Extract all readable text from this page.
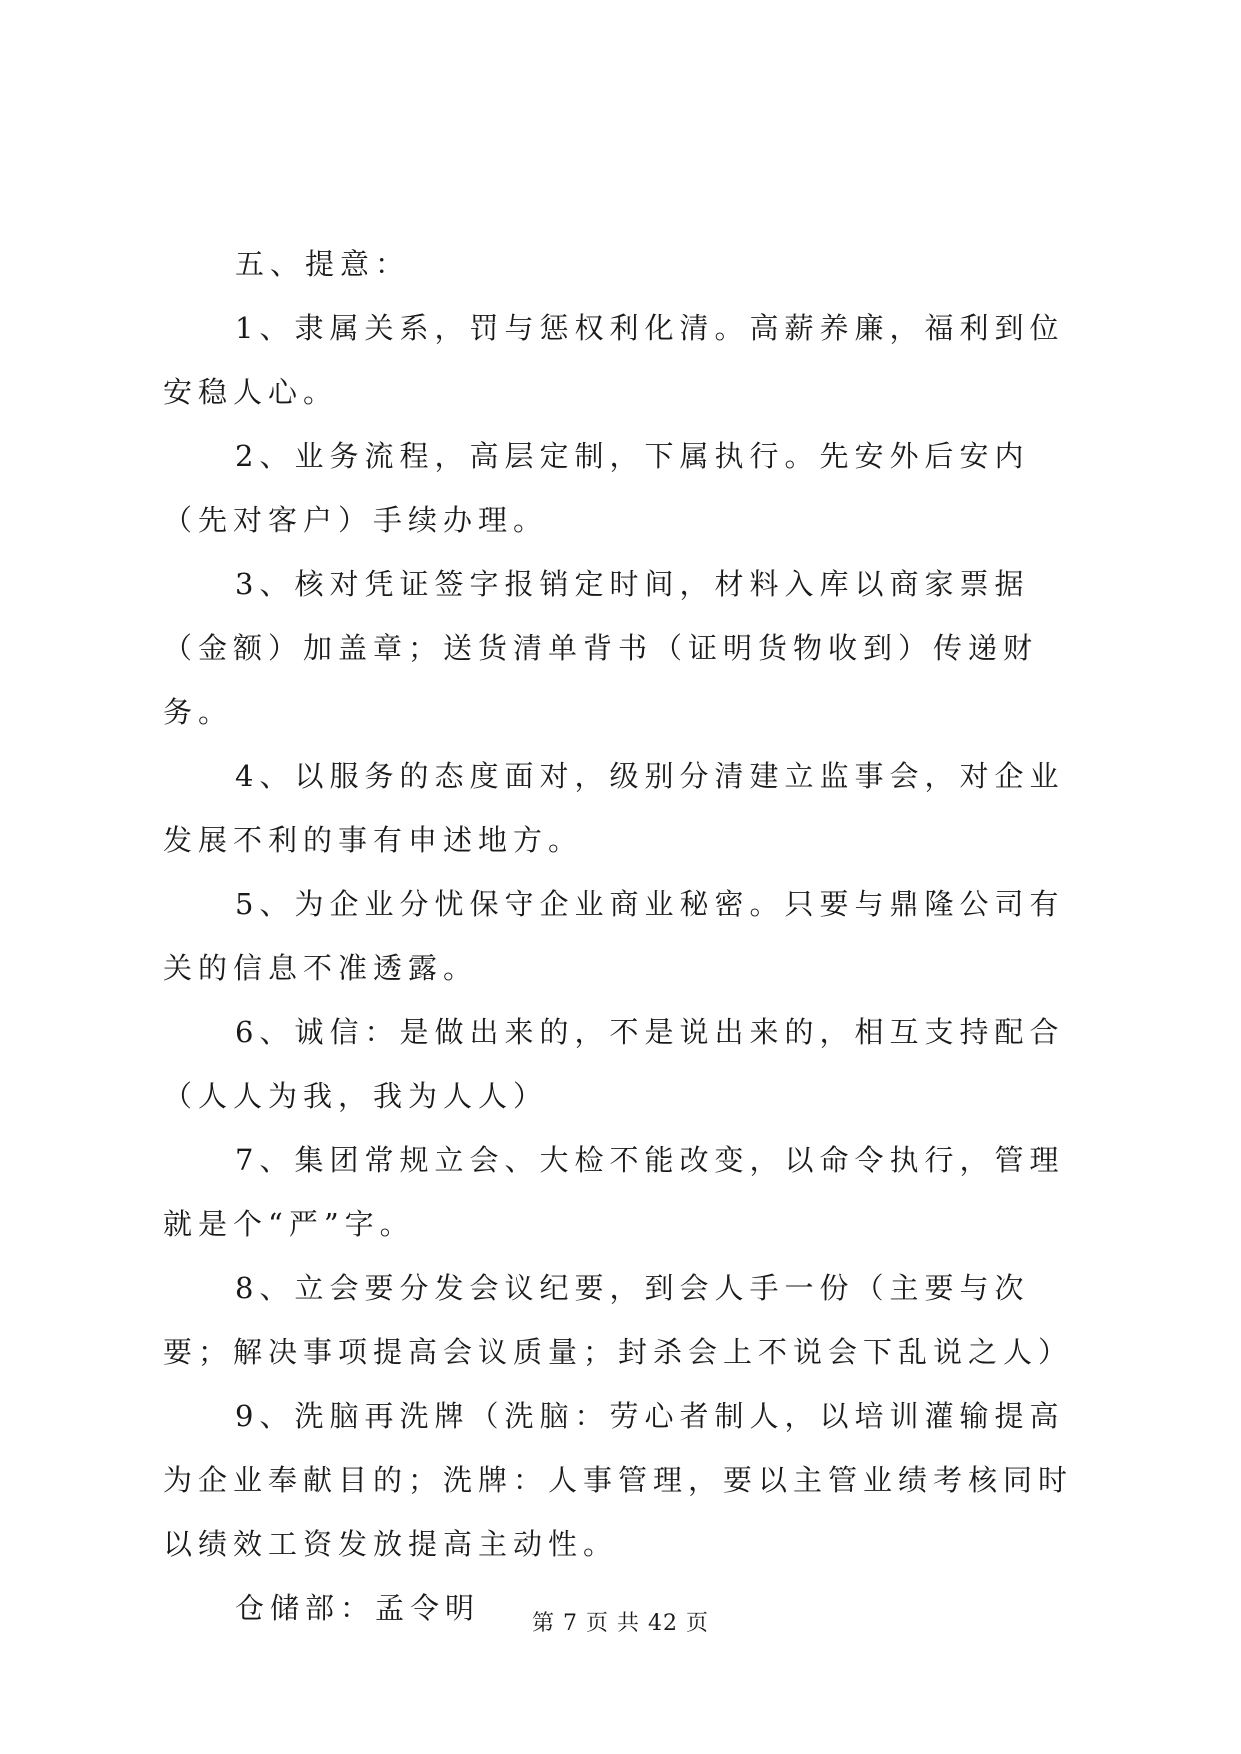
五、提意：

1、隶属关系，罚与惩权利化清。高薪养廉，福利到位安稳人心。

2、业务流程，高层定制，下属执行。先安外后安内（先对客户）手续办理。

3、核对凭证签字报销定时间，材料入库以商家票据（金额）加盖章；送货清单背书（证明货物收到）传递财务。

4、以服务的态度面对，级别分清建立监事会，对企业发展不利的事有申述地方。

5、为企业分忧保守企业商业秘密。只要与鼎隆公司有关的信息不准透露。

6、诚信：是做出来的，不是说出来的，相互支持配合（人人为我，我为人人）

7、集团常规立会、大检不能改变，以命令执行，管理就是个“严”字。

8、立会要分发会议纪要，到会人手一份（主要与次要；解决事项提高会议质量；封杀会上不说会下乱说之人）

9、洗脑再洗牌（洗脑：劳心者制人，以培训灌输提高为企业奉献目的；洗牌：人事管理，要以主管业绩考核同时以绩效工资发放提高主动性。

仓储部：孟令明	第 7 页 共 42 页
